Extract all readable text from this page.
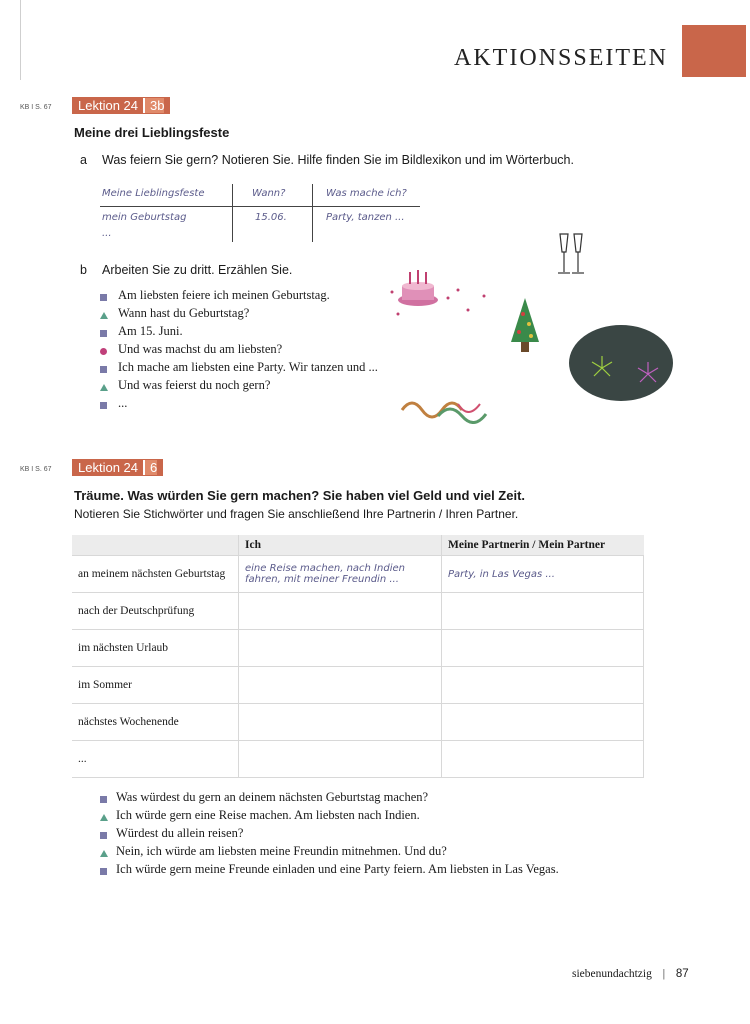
AKTIONSSEITEN
KB I S. 67	Lektion 24 3b
Meine drei Lieblingsfeste
a Was feiern Sie gern? Notieren Sie. Hilfe finden Sie im Bildlexikon und im Wörterbuch.
Meine Lieblingsfeste	Wann?	Was mache ich?
mein Geburtstag	15.06.	Party, tanzen ...
...
b Arbeiten Sie zu dritt. Erzählen Sie.
Am liebsten feiere ich meinen Geburtstag.
Wann hast du Geburtstag?
Am 15. Juni.
Und was machst du am liebsten?
Ich mache am liebsten eine Party. Wir tanzen und ...
Und was feierst du noch gern?
...
KB I S. 67	Lektion 24 6
Träume. Was würden Sie gern machen? Sie haben viel Geld und viel Zeit.
Notieren Sie Stichwörter und fragen Sie anschließend Ihre Partnerin / Ihren Partner.
	Ich	Meine Partnerin / Mein Partner
an meinem nächsten Geburtstag	eine Reise machen, nach Indien fahren, mit meiner Freundin ...	Party, in Las Vegas ...
nach der Deutschprüfung		
im nächsten Urlaub		
im Sommer		
nächstes Wochenende		
...		
Was würdest du gern an deinem nächsten Geburtstag machen?
Ich würde gern eine Reise machen. Am liebsten nach Indien.
Würdest du allein reisen?
Nein, ich würde am liebsten meine Freundin mitnehmen. Und du?
Ich würde gern meine Freunde einladen und eine Party feiern. Am liebsten in Las Vegas.
siebenundachtzig | 87
